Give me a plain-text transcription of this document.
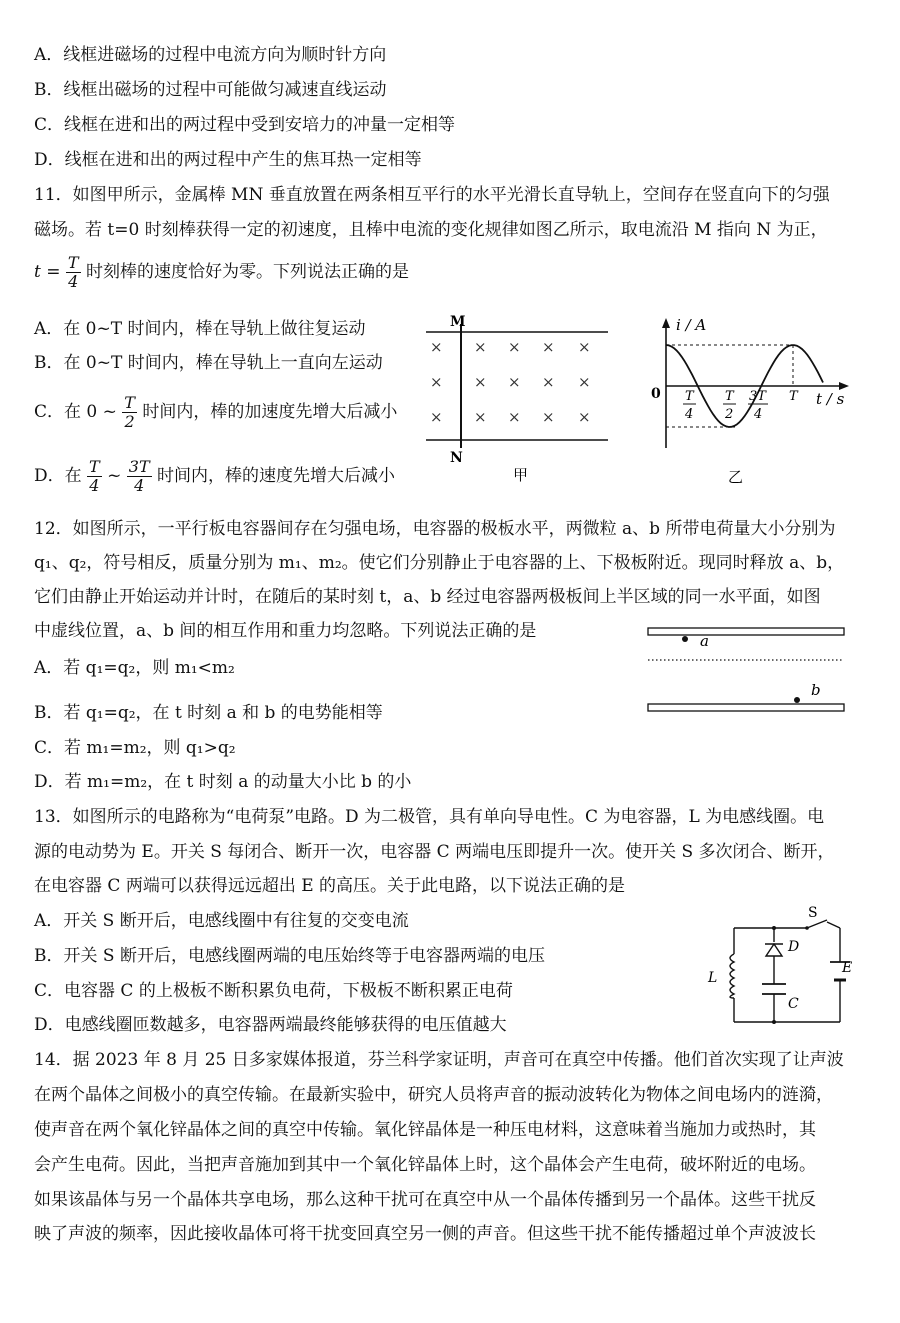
A．线框进磁场的过程中电流方向为顺时针方向
B．线框出磁场的过程中可能做匀减速直线运动
C．线框在进和出的两过程中受到安培力的冲量一定相等
D．线框在进和出的两过程中产生的焦耳热一定相等
11．如图甲所示，金属棒 MN 垂直放置在两条相互平行的水平光滑长直导轨上，空间存在竖直向下的匀强
磁场。若 t=0 时刻棒获得一定的初速度，且棒中电流的变化规律如图乙所示，取电流沿 M 指向 N 为正，
$t = \frac{T}{4}$ 时刻棒的速度恰好为零。下列说法正确的是
A．在 0~T 时间内，棒在导轨上做往复运动
B．在 0~T 时间内，棒在导轨上一直向左运动
C．在 0 ~ $\frac{T}{2}$ 时间内，棒的加速度先增大后减小
D．在 $\frac{T}{4}$ ~ $\frac{3T}{4}$ 时间内，棒的速度先增大后减小
M
N
× × × × ×
× × × × ×
× × × × ×
甲
i / A
t / s
0 T
4
T
2
3T
4
T
乙
12．如图所示，一平行板电容器间存在匀强电场，电容器的极板水平，两微粒 a、b 所带电荷量大小分别为
q₁、q₂，符号相反，质量分别为 m₁、m₂。使它们分别静止于电容器的上、下极板附近。现同时释放 a、b，
它们由静止开始运动并计时，在随后的某时刻 t，a、b 经过电容器两极板间上半区域的同一水平面，如图
中虚线位置，a、b 间的相互作用和重力均忽略。下列说法正确的是
A．若 q₁=q₂，则 m₁<m₂
B．若 q₁=q₂，在 t 时刻 a 和 b 的电势能相等
C．若 m₁=m₂，则 q₁>q₂
D．若 m₁=m₂，在 t 时刻 a 的动量大小比 b 的小
a
b
13．如图所示的电路称为“电荷泵”电路。D 为二极管，具有单向导电性。C 为电容器，L 为电感线圈。电
源的电动势为 E。开关 S 每闭合、断开一次，电容器 C 两端电压即提升一次。使开关 S 多次闭合、断开，
在电容器 C 两端可以获得远远超出 E 的高压。关于此电路，以下说法正确的是
A．开关 S 断开后，电感线圈中有往复的交变电流
B．开关 S 断开后，电感线圈两端的电压始终等于电容器两端的电压
C．电容器 C 的上极板不断积累负电荷，下极板不断积累正电荷
D．电感线圈匝数越多，电容器两端最终能够获得的电压值越大
S
D
L
C
E
14．据 2023 年 8 月 25 日多家媒体报道，芬兰科学家证明，声音可在真空中传播。他们首次实现了让声波
在两个晶体之间极小的真空传输。在最新实验中，研究人员将声音的振动波转化为物体之间电场内的涟漪，
使声音在两个氧化锌晶体之间的真空中传输。氧化锌晶体是一种压电材料，这意味着当施加力或热时，其
会产生电荷。因此，当把声音施加到其中一个氧化锌晶体上时，这个晶体会产生电荷，破坏附近的电场。
如果该晶体与另一个晶体共享电场，那么这种干扰可在真空中从一个晶体传播到另一个晶体。这些干扰反
映了声波的频率，因此接收晶体可将干扰变回真空另一侧的声音。但这些干扰不能传播超过单个声波波长
